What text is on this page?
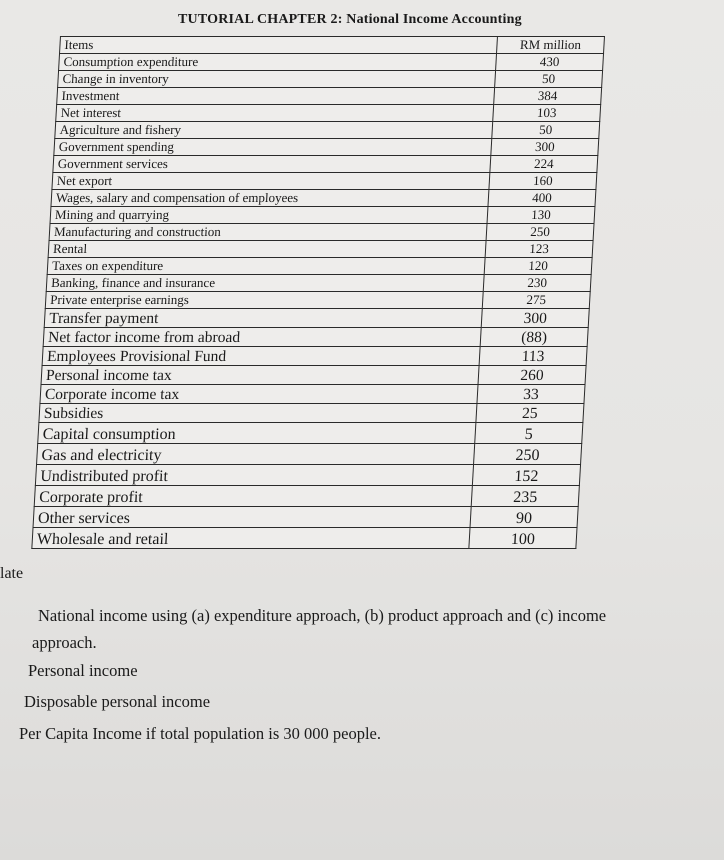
TUTORIAL CHAPTER 2: National Income Accounting
Items	RM million
Consumption expenditure	430
Change in inventory	50
Investment	384
Net interest	103
Agriculture and fishery	50
Government spending	300
Government services	224
Net export	160
Wages, salary and compensation of employees	400
Mining and quarrying	130
Manufacturing and construction	250
Rental	123
Taxes on expenditure	120
Banking, finance and insurance	230
Private enterprise earnings	275
Transfer payment	300
Net factor income from abroad	(88)
Employees Provisional Fund	113
Personal income tax	260
Corporate income tax	33
Subsidies	25
Capital consumption	5
Gas and electricity	250
Undistributed profit	152
Corporate profit	235
Other services	90
Wholesale and retail	100
late
National income using (a) expenditure approach, (b) product approach and (c) income
approach.
Personal income
Disposable personal income
Per Capita Income if total population is 30 000 people.
